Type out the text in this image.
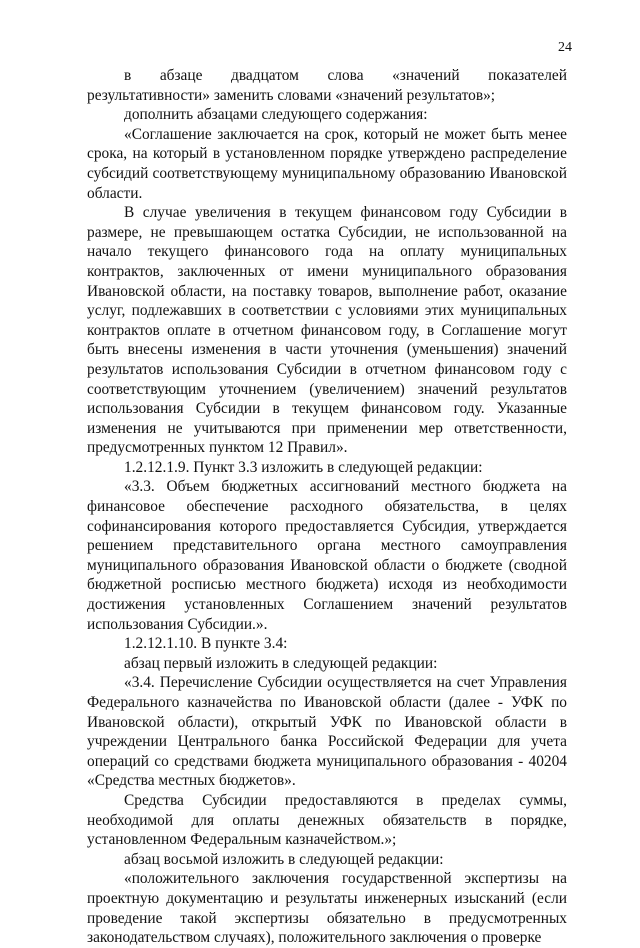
24

в абзаце двадцатом слова «значений показателей результативности» заменить словами «значений результатов»;

дополнить абзацами следующего содержания:

«Соглашение заключается на срок, который не может быть менее срока, на который в установленном порядке утверждено распределение субсидий соответствующему муниципальному образованию Ивановской области.

В случае увеличения в текущем финансовом году Субсидии в размере, не превышающем остатка Субсидии, не использованной на начало текущего финансового года на оплату муниципальных контрактов, заключенных от имени муниципального образования Ивановской области, на поставку товаров, выполнение работ, оказание услуг, подлежавших в соответствии с условиями этих муниципальных контрактов оплате в отчетном финансовом году, в Соглашение могут быть внесены изменения в части уточнения (уменьшения) значений результатов использования Субсидии в отчетном финансовом году с соответствующим уточнением (увеличением) значений результатов использования Субсидии в текущем финансовом году. Указанные изменения не учитываются при применении мер ответственности, предусмотренных пунктом 12 Правил».

1.2.12.1.9. Пункт 3.3 изложить в следующей редакции:

«3.3. Объем бюджетных ассигнований местного бюджета на финансовое обеспечение расходного обязательства, в целях софинансирования которого предоставляется Субсидия, утверждается решением представительного органа местного самоуправления муниципального образования Ивановской области о бюджете (сводной бюджетной росписью местного бюджета) исходя из необходимости достижения установленных Соглашением значений результатов использования Субсидии.».

1.2.12.1.10. В пункте 3.4:

абзац первый изложить в следующей редакции:

«3.4. Перечисление Субсидии осуществляется на счет Управления Федерального казначейства по Ивановской области (далее - УФК по Ивановской области), открытый УФК по Ивановской области в учреждении Центрального банка Российской Федерации для учета операций со средствами бюджета муниципального образования - 40204 «Средства местных бюджетов».

Средства Субсидии предоставляются в пределах суммы, необходимой для оплаты денежных обязательств в порядке, установленном Федеральным казначейством.»;

абзац восьмой изложить в следующей редакции:

«положительного заключения государственной экспертизы на проектную документацию и результаты инженерных изысканий (если проведение такой экспертизы обязательно в предусмотренных законодательством случаях), положительного заключения о проверке
